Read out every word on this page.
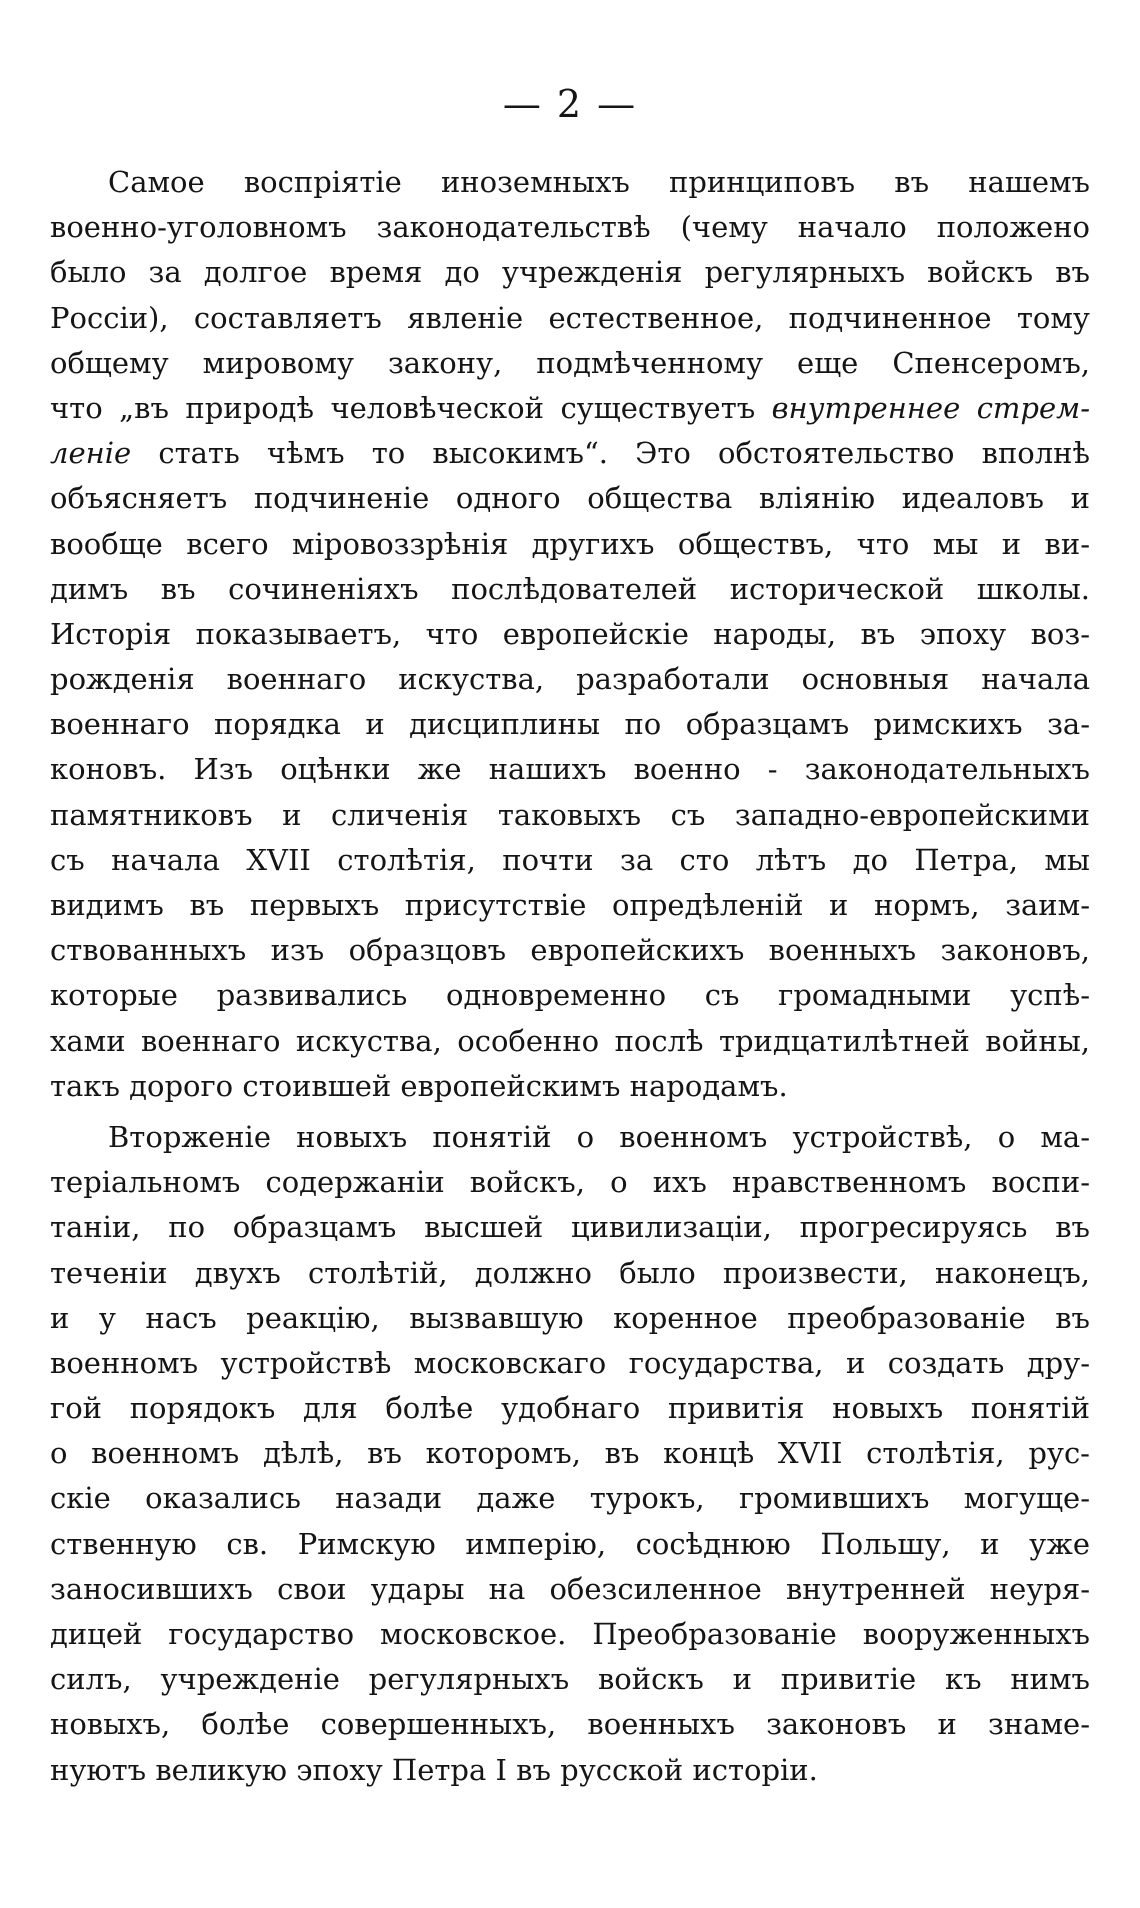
— 2 —
Самое воспріятіе иноземныхъ принциповъ въ нашемъ
военно-уголовномъ законодательствѣ (чему начало положено
было за долгое время до учрежденія регулярныхъ войскъ въ
Россіи), составляетъ явленіе естественное, подчиненное тому
общему мировому закону, подмѣченному еще Спенсеромъ,
что „въ природѣ человѣческой существуетъ внутреннее стрем-
леніе стать чѣмъ то высокимъ“. Это обстоятельство вполнѣ
объясняетъ подчиненіе одного общества вліянію идеаловъ и
вообще всего міровоззрѣнія другихъ обществъ, что мы и ви-
димъ въ сочиненіяхъ послѣдователей исторической школы.
Исторія показываетъ, что европейскіе народы, въ эпоху воз-
рожденія военнаго искуства, разработали основныя начала
военнаго порядка и дисциплины по образцамъ римскихъ за-
коновъ. Изъ оцѣнки же нашихъ военно - законодательныхъ
памятниковъ и сличенія таковыхъ съ западно-европейскими
съ начала XVII столѣтія, почти за сто лѣтъ до Петра, мы
видимъ въ первыхъ присутствіе опредѣленій и нормъ, заим-
ствованныхъ изъ образцовъ европейскихъ военныхъ законовъ,
которые развивались одновременно съ громадными успѣ-
хами военнаго искуства, особенно послѣ тридцатилѣтней войны,
такъ дорого стоившей европейскимъ народамъ.
Вторженіе новыхъ понятій о военномъ устройствѣ, о ма-
теріальномъ содержаніи войскъ, о ихъ нравственномъ воспи-
таніи, по образцамъ высшей цивилизаціи, прогресируясь въ
теченіи двухъ столѣтій, должно было произвести, наконецъ,
и у насъ реакцію, вызвавшую коренное преобразованіе въ
военномъ устройствѣ московскаго государства, и создать дру-
гой порядокъ для болѣе удобнаго привитія новыхъ понятій
о военномъ дѣлѣ, въ которомъ, въ концѣ XVII столѣтія, рус-
скіе оказались назади даже турокъ, громившихъ могуще-
ственную св. Римскую имперію, сосѣднюю Польшу, и уже
заносившихъ свои удары на обезсиленное внутренней неуря-
дицей государство московское. Преобразованіе вооруженныхъ
силъ, учрежденіе регулярныхъ войскъ и привитіе къ нимъ
новыхъ, болѣе совершенныхъ, военныхъ законовъ и знаме-
нуютъ великую эпоху Петра I въ русской исторіи.
